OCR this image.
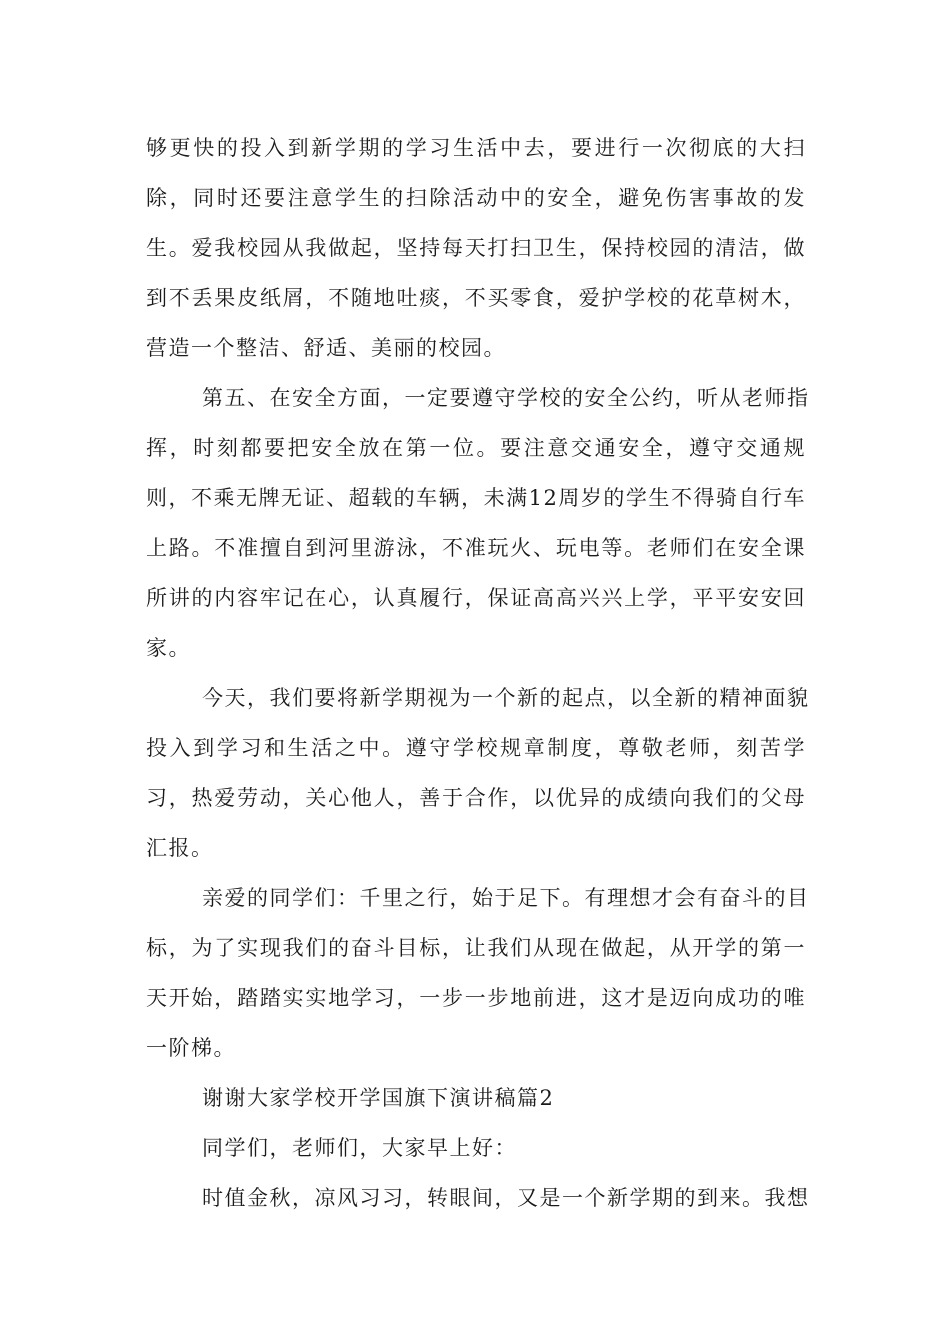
够更快的投入到新学期的学习生活中去，要进行一次彻底的大扫
除，同时还要注意学生的扫除活动中的安全，避免伤害事故的发
生。爱我校园从我做起，坚持每天打扫卫生，保持校园的清洁，做
到不丢果皮纸屑，不随地吐痰，不买零食，爱护学校的花草树木，
营造一个整洁、舒适、美丽的校园。
第五、在安全方面，一定要遵守学校的安全公约，听从老师指
挥，时刻都要把安全放在第一位。要注意交通安全，遵守交通规
则，不乘无牌无证、超载的车辆，未满12周岁的学生不得骑自行车
上路。不准擅自到河里游泳，不准玩火、玩电等。老师们在安全课
所讲的内容牢记在心，认真履行，保证高高兴兴上学，平平安安回
家。
今天，我们要将新学期视为一个新的起点，以全新的精神面貌
投入到学习和生活之中。遵守学校规章制度，尊敬老师，刻苦学
习，热爱劳动，关心他人，善于合作，以优异的成绩向我们的父母
汇报。
亲爱的同学们：千里之行，始于足下。有理想才会有奋斗的目
标，为了实现我们的奋斗目标，让我们从现在做起，从开学的第一
天开始，踏踏实实地学习，一步一步地前进，这才是迈向成功的唯
一阶梯。
谢谢大家学校开学国旗下演讲稿篇2
同学们，老师们，大家早上好：
时值金秋，凉风习习，转眼间，又是一个新学期的到来。我想
